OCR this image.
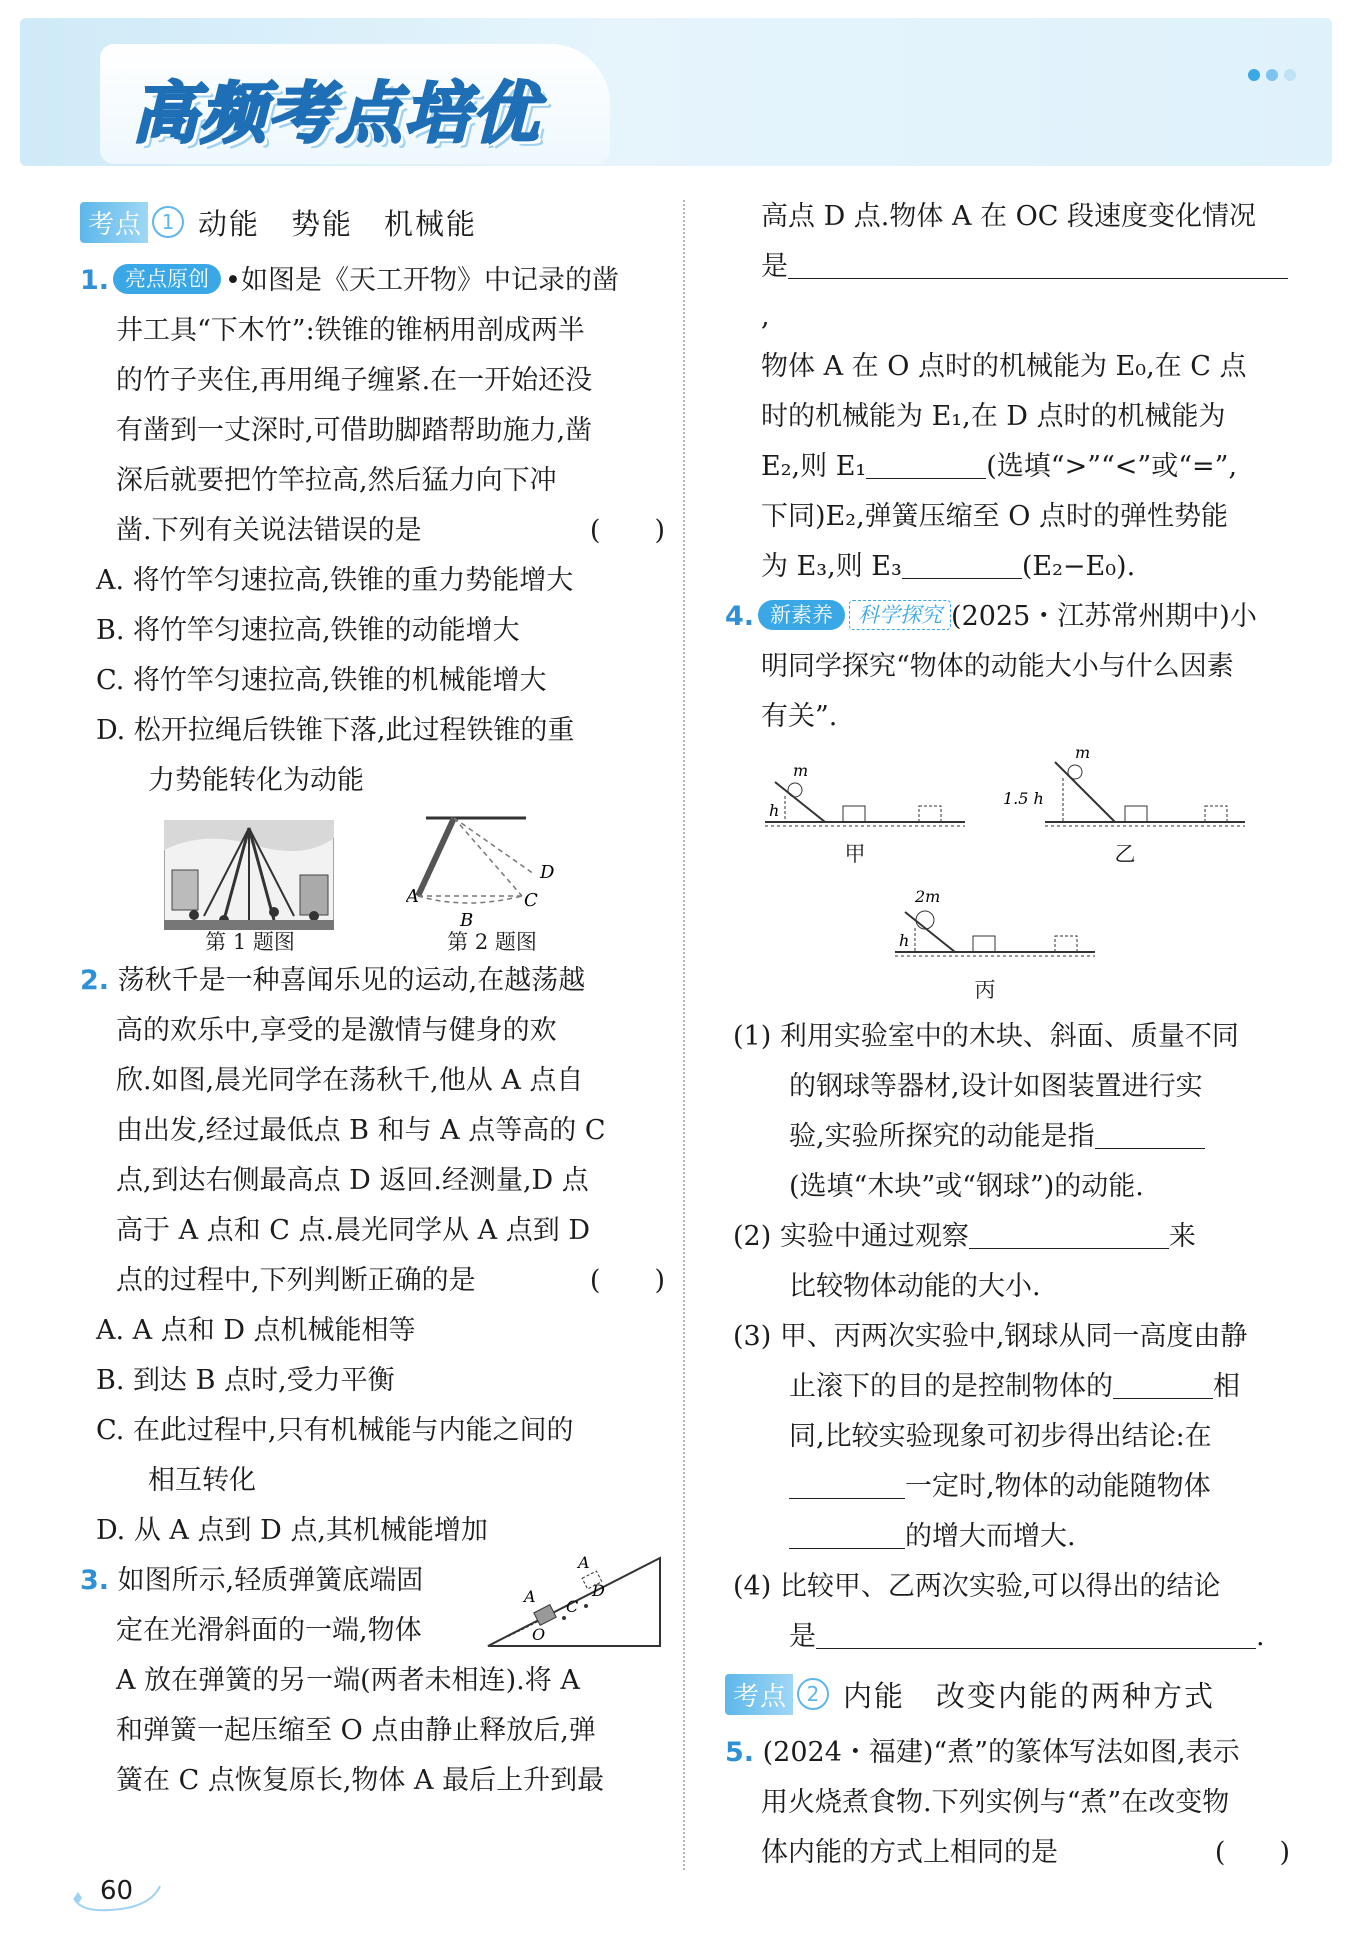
高频考点培优
考点 1 动能　势能　机械能

1. 亮点原创 •如图是《天工开物》中记录的凿

井工具“下木竹”:铁锥的锥柄用剖成两半

的竹子夹住,再用绳子缠紧.在一开始还没

有凿到一丈深时,可借助脚踏帮助施力,凿

深后就要把竹竿拉高,然后猛力向下冲

凿.下列有关说法错误的是	(　　)

A. 将竹竿匀速拉高,铁锥的重力势能增大

B. 将竹竿匀速拉高,铁锥的动能增大

C. 将竹竿匀速拉高,铁锥的机械能增大

D. 松开拉绳后铁锥下落,此过程铁锥的重

力势能转化为动能

A
B
C
D
第 1 题图	第 2 题图

2. 荡秋千是一种喜闻乐见的运动,在越荡越

高的欢乐中,享受的是激情与健身的欢

欣.如图,晨光同学在荡秋千,他从 A 点自

由出发,经过最低点 B 和与 A 点等高的 C

点,到达右侧最高点 D 返回.经测量,D 点

高于 A 点和 C 点.晨光同学从 A 点到 D

点的过程中,下列判断正确的是	(　　)

A. A 点和 D 点机械能相等

B. 到达 B 点时,受力平衡

C. 在此过程中,只有机械能与内能之间的

相互转化

D. 从 A 点到 D 点,其机械能增加

3. 如图所示,轻质弹簧底端固

定在光滑斜面的一端,物体

A
O
C
D
A

A 放在弹簧的另一端(两者未相连).将 A

和弹簧一起压缩至 O 点由静止释放后,弹

簧在 C 点恢复原长,物体 A 最后上升到最

高点 D 点.物体 A 在 OC 段速度变化情况

是,

物体 A 在 O 点时的机械能为 E₀,在 C 点

时的机械能为 E₁,在 D 点时的机械能为

E₂,则 E₁	(选填“>”“<”或“=”,

下同)E₂,弹簧压缩至 O 点时的弹性势能

为 E₃,则 E₃	(E₂−E₀).

4. 新素养 科学探究 (2025・江苏常州期中)小

明同学探究“物体的动能大小与什么因素

有关”.

m
h
甲
m
1.5 h
乙
2m
h
丙

(1) 利用实验室中的木块、斜面、质量不同

的钢球等器材,设计如图装置进行实

验,实验所探究的动能是指

(选填“木块”或“钢球”)的动能.

(2) 实验中通过观察	来

比较物体动能的大小.

(3) 甲、丙两次实验中,钢球从同一高度由静

止滚下的目的是控制物体的	相

同,比较实验现象可初步得出结论:在

一定时,物体的动能随物体

的增大而增大.

(4) 比较甲、乙两次实验,可以得出的结论

是	.

考点 2 内能　改变内能的两种方式

5. (2024・福建)“煮”的篆体写法如图,表示

用火烧煮食物.下列实例与“煮”在改变物

体内能的方式上相同的是	(　　)

60
